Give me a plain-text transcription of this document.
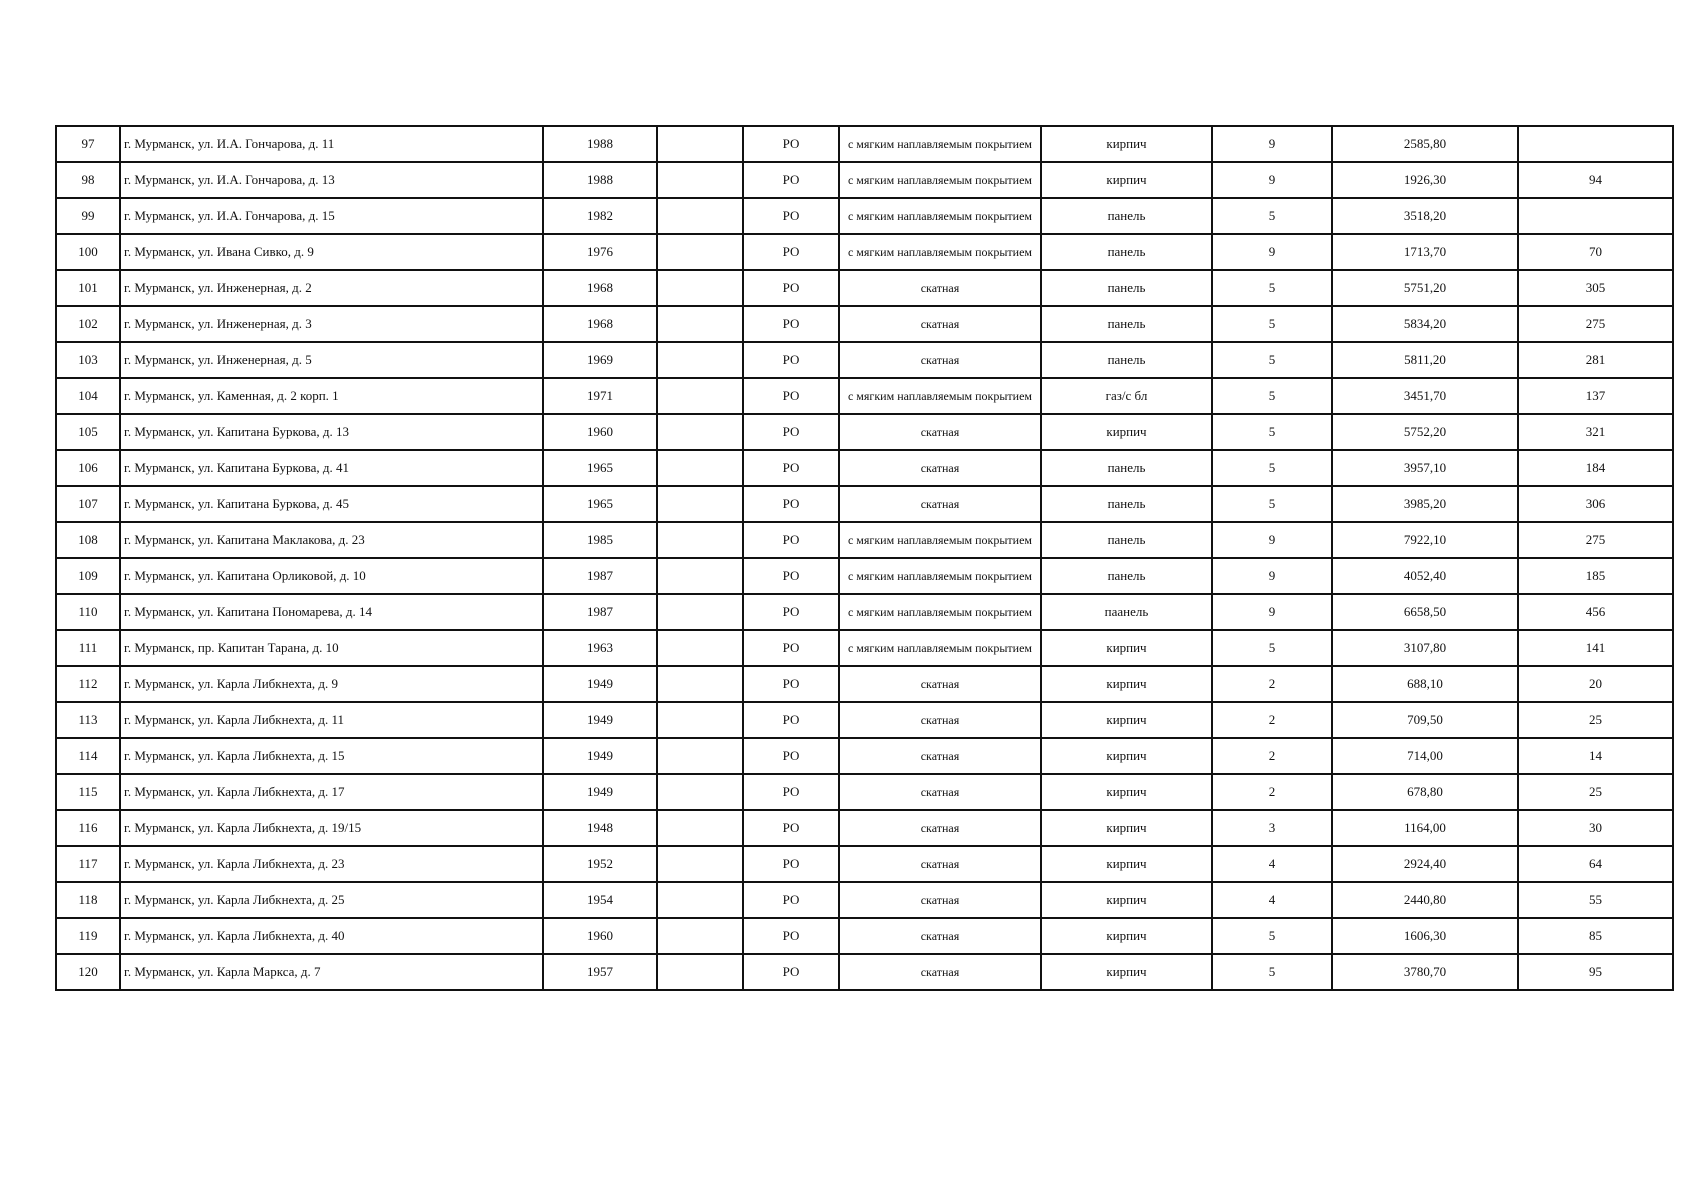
97	г. Мурманск, ул. И.А. Гончарова, д. 11	1988		РО	с мягким наплавляемым покрытием	кирпич	9	2585,80	
98	г. Мурманск, ул. И.А. Гончарова, д. 13	1988		РО	с мягким наплавляемым покрытием	кирпич	9	1926,30	94
99	г. Мурманск, ул. И.А. Гончарова, д. 15	1982		РО	с мягким наплавляемым покрытием	панель	5	3518,20	
100	г. Мурманск, ул. Ивана Сивко, д. 9	1976		РО	с мягким наплавляемым покрытием	панель	9	1713,70	70
101	г. Мурманск, ул. Инженерная, д. 2	1968		РО	скатная	панель	5	5751,20	305
102	г. Мурманск, ул. Инженерная, д. 3	1968		РО	скатная	панель	5	5834,20	275
103	г. Мурманск, ул. Инженерная, д. 5	1969		РО	скатная	панель	5	5811,20	281
104	г. Мурманск, ул. Каменная, д. 2 корп. 1	1971		РО	с мягким наплавляемым покрытием	газ/с бл	5	3451,70	137
105	г. Мурманск, ул. Капитана Буркова, д. 13	1960		РО	скатная	кирпич	5	5752,20	321
106	г. Мурманск, ул. Капитана Буркова, д. 41	1965		РО	скатная	панель	5	3957,10	184
107	г. Мурманск, ул. Капитана Буркова, д. 45	1965		РО	скатная	панель	5	3985,20	306
108	г. Мурманск, ул. Капитана Маклакова, д. 23	1985		РО	с мягким наплавляемым покрытием	панель	9	7922,10	275
109	г. Мурманск, ул. Капитана Орликовой, д. 10	1987		РО	с мягким наплавляемым покрытием	панель	9	4052,40	185
110	г. Мурманск, ул. Капитана Пономарева, д. 14	1987		РО	с мягким наплавляемым покрытием	паанель	9	6658,50	456
111	г. Мурманск, пр. Капитан Тарана, д. 10	1963		РО	с мягким наплавляемым покрытием	кирпич	5	3107,80	141
112	г. Мурманск, ул. Карла Либкнехта, д. 9	1949		РО	скатная	кирпич	2	688,10	20
113	г. Мурманск, ул. Карла Либкнехта, д. 11	1949		РО	скатная	кирпич	2	709,50	25
114	г. Мурманск, ул. Карла Либкнехта, д. 15	1949		РО	скатная	кирпич	2	714,00	14
115	г. Мурманск, ул. Карла Либкнехта, д. 17	1949		РО	скатная	кирпич	2	678,80	25
116	г. Мурманск, ул. Карла Либкнехта, д. 19/15	1948		РО	скатная	кирпич	3	1164,00	30
117	г. Мурманск, ул. Карла Либкнехта, д. 23	1952		РО	скатная	кирпич	4	2924,40	64
118	г. Мурманск, ул. Карла Либкнехта, д. 25	1954		РО	скатная	кирпич	4	2440,80	55
119	г. Мурманск, ул. Карла Либкнехта, д. 40	1960		РО	скатная	кирпич	5	1606,30	85
120	г. Мурманск, ул. Карла Маркса, д. 7	1957		РО	скатная	кирпич	5	3780,70	95
